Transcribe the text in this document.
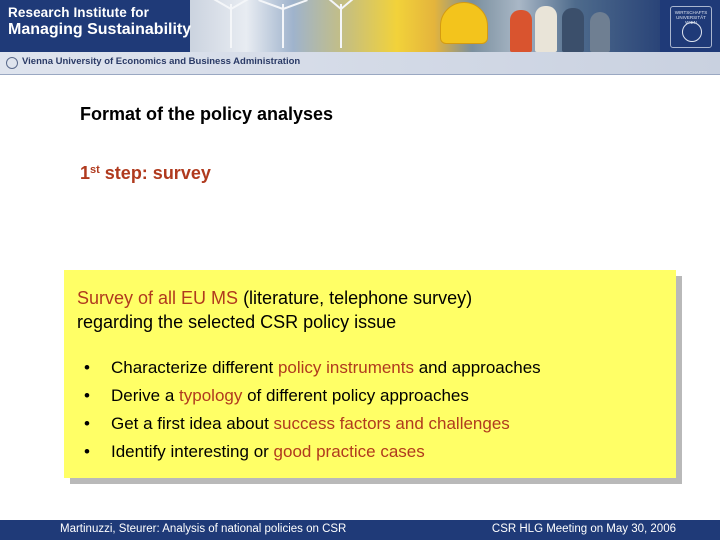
Research Institute for
Managing Sustainability
WIRTSCHAFTS UNIVERSITÄT WIEN
Vienna University of Economics and Business Administration
Format of the policy analyses
1st step: survey
Survey of all EU MS (literature, telephone survey)
regarding the selected CSR policy issue
• Characterize different policy instruments and approaches
• Derive a typology of different policy approaches
• Get a first idea about success factors and challenges
• Identify interesting or good practice cases
Martinuzzi, Steurer: Analysis of national policies on CSR	CSR HLG Meeting on May 30, 2006
